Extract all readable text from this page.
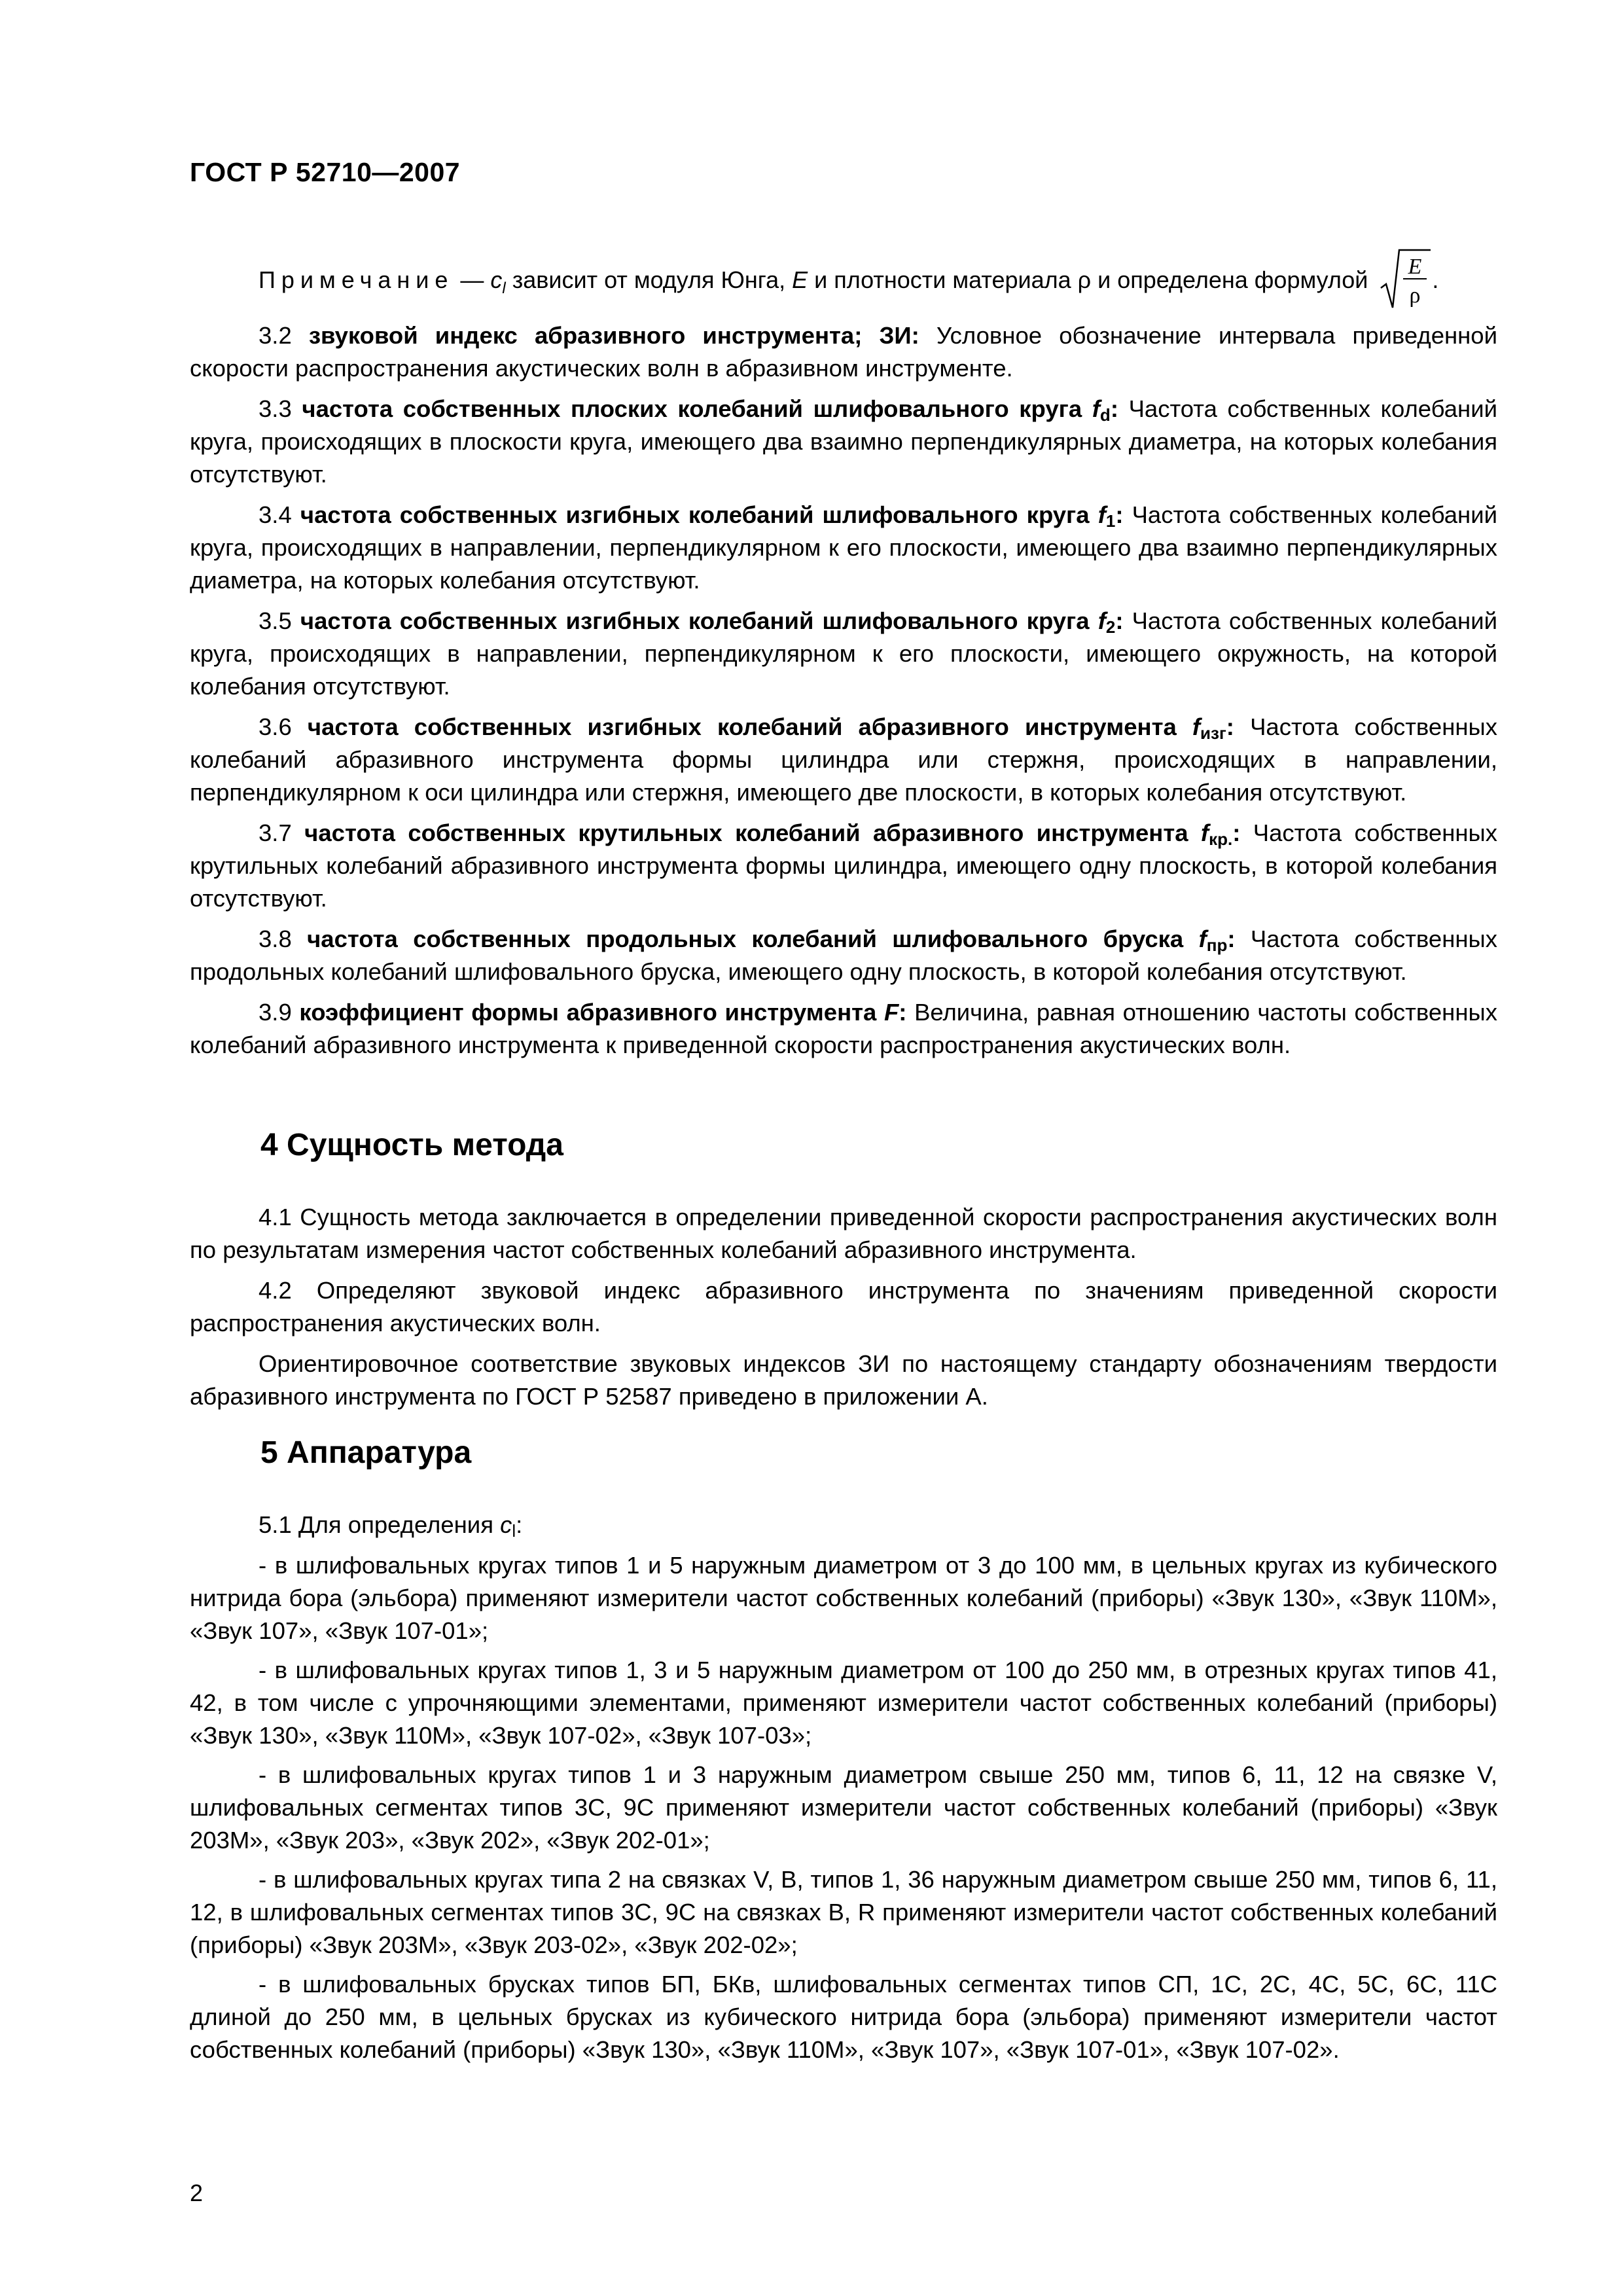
ГОСТ Р 52710—2007
Примечание — $c_l$ зависит от модуля Юнга, E и плотности материала ρ и определена формулой E
ρ
.
3.2 звуковой индекс абразивного инструмента; ЗИ: Условное обозначение интервала приведенной скорости распространения акустических волн в абразивном инструменте.
3.3 частота собственных плоских колебаний шлифовального круга $f_d$: Частота собственных колебаний круга, происходящих в плоскости круга, имеющего два взаимно перпендикулярных диаметра, на которых колебания отсутствуют.
3.4 частота собственных изгибных колебаний шлифовального круга $f_1$: Частота собственных колебаний круга, происходящих в направлении, перпендикулярном к его плоскости, имеющего два взаимно перпендикулярных диаметра, на которых колебания отсутствуют.
3.5 частота собственных изгибных колебаний шлифовального круга $f_2$: Частота собственных колебаний круга, происходящих в направлении, перпендикулярном к его плоскости, имеющего окружность, на которой колебания отсутствуют.
3.6 частота собственных изгибных колебаний абразивного инструмента $f_{изг}$: Частота собственных колебаний абразивного инструмента формы цилиндра или стержня, происходящих в направлении, перпендикулярном к оси цилиндра или стержня, имеющего две плоскости, в которых колебания отсутствуют.
3.7 частота собственных крутильных колебаний абразивного инструмента $f_{кр.}$: Частота собственных крутильных колебаний абразивного инструмента формы цилиндра, имеющего одну плоскость, в которой колебания отсутствуют.
3.8 частота собственных продольных колебаний шлифовального бруска $f_{пр}$: Частота собственных продольных колебаний шлифовального бруска, имеющего одну плоскость, в которой колебания отсутствуют.
3.9 коэффициент формы абразивного инструмента F: Величина, равная отношению частоты собственных колебаний абразивного инструмента к приведенной скорости распространения акустических волн.
4 Сущность метода
4.1 Сущность метода заключается в определении приведенной скорости распространения акустических волн по результатам измерения частот собственных колебаний абразивного инструмента.
4.2 Определяют звуковой индекс абразивного инструмента по значениям приведенной скорости распространения акустических волн.
Ориентировочное соответствие звуковых индексов ЗИ по настоящему стандарту обозначениям твердости абразивного инструмента по ГОСТ Р 52587 приведено в приложении А.
5 Аппаратура
5.1 Для определения $c_l$:
- в шлифовальных кругах типов 1 и 5 наружным диаметром от 3 до 100 мм, в цельных кругах из кубического нитрида бора (эльбора) применяют измерители частот собственных колебаний (приборы) «Звук 130», «Звук 110М», «Звук 107», «Звук 107-01»;
- в шлифовальных кругах типов 1, 3 и 5 наружным диаметром от 100 до 250 мм, в отрезных кругах типов 41, 42, в том числе с упрочняющими элементами, применяют измерители частот собственных колебаний (приборы) «Звук 130», «Звук 110М», «Звук 107-02», «Звук 107-03»;
- в шлифовальных кругах типов 1 и 3 наружным диаметром свыше 250 мм, типов 6, 11, 12 на связке V, шлифовальных сегментах типов 3С, 9С применяют измерители частот собственных колебаний (приборы) «Звук 203М», «Звук 203», «Звук 202», «Звук 202-01»;
- в шлифовальных кругах типа 2 на связках V, B, типов 1, 36 наружным диаметром свыше 250 мм, типов 6, 11, 12, в шлифовальных сегментах типов 3С, 9С на связках B, R применяют измерители частот собственных колебаний (приборы) «Звук 203М», «Звук 203-02», «Звук 202-02»;
- в шлифовальных брусках типов БП, БКв, шлифовальных сегментах типов СП, 1С, 2С, 4С, 5С, 6С, 11С длиной до 250 мм, в цельных брусках из кубического нитрида бора (эльбора) применяют измерители частот собственных колебаний (приборы) «Звук 130», «Звук 110М», «Звук 107», «Звук 107-01», «Звук 107-02».
2
